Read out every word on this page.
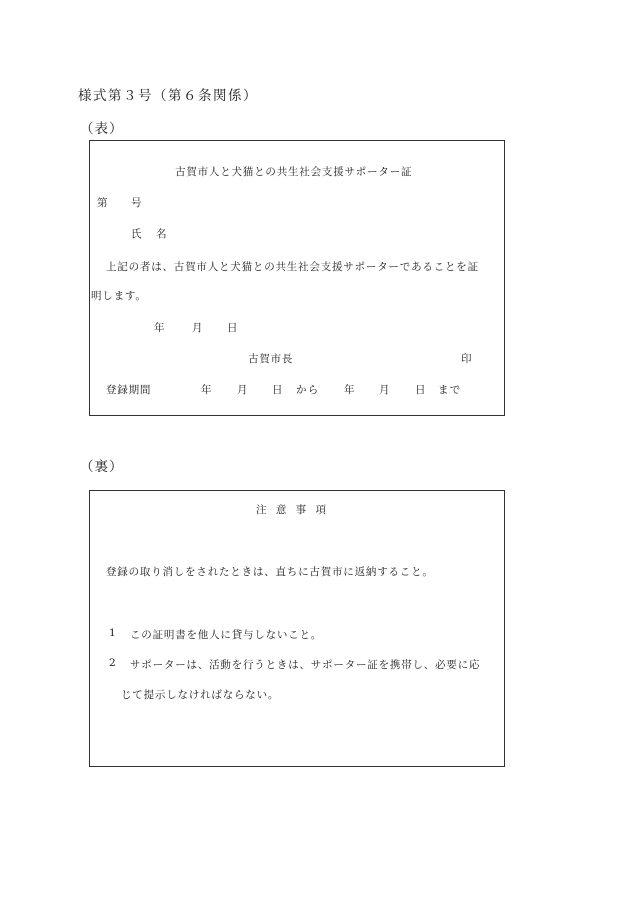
様式第３号（第６条関係）
（表）
古賀市人と犬猫との共生社会支援サポーター証
第 号
氏 名
上記の者は、古賀市人と犬猫との共生社会支援サポーターであることを証
明します。
年	月 日
古賀市長	印
登録期間	年 月 日 から 年 月 日 まで
（裏）
注 意 事 項
登録の取り消しをされたときは、直ちに古賀市に返納すること。
1 この証明書を他人に貸与しないこと。
2 サポーターは、活動を行うときは、サポーター証を携帯し、必要に応
じて提示しなければならない。
